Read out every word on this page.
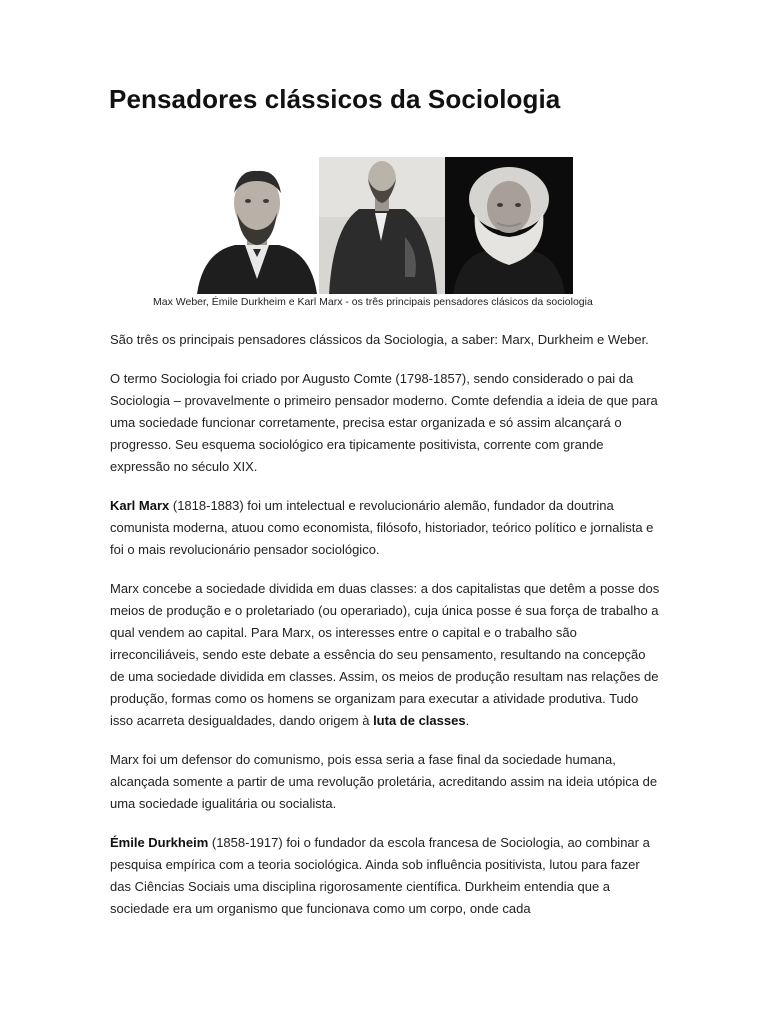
Pensadores clássicos da Sociologia

Max Weber, Émile Durkheim e Karl Marx - os três principais pensadores clásicos da sociologia

São três os principais pensadores clássicos da Sociologia, a saber: Marx, Durkheim e Weber.

O termo Sociologia foi criado por Augusto Comte (1798-1857), sendo considerado o pai da Sociologia – provavelmente o primeiro pensador moderno. Comte defendia a ideia de que para uma sociedade funcionar corretamente, precisa estar organizada e só assim alcançará o progresso. Seu esquema sociológico era tipicamente positivista, corrente com grande expressão no século XIX.

Karl Marx (1818-1883) foi um intelectual e revolucionário alemão, fundador da doutrina comunista moderna, atuou como economista, filósofo, historiador, teórico político e jornalista e foi o mais revolucionário pensador sociológico.

Marx concebe a sociedade dividida em duas classes: a dos capitalistas que detêm a posse dos meios de produção e o proletariado (ou operariado), cuja única posse é sua força de trabalho a qual vendem ao capital. Para Marx, os interesses entre o capital e o trabalho são irreconciliáveis, sendo este debate a essência do seu pensamento, resultando na concepção de uma sociedade dividida em classes. Assim, os meios de produção resultam nas relações de produção, formas como os homens se organizam para executar a atividade produtiva. Tudo isso acarreta desigualdades, dando origem à luta de classes.

Marx foi um defensor do comunismo, pois essa seria a fase final da sociedade humana, alcançada somente a partir de uma revolução proletária, acreditando assim na ideia utópica de uma sociedade igualitária ou socialista.

Émile Durkheim (1858-1917) foi o fundador da escola francesa de Sociologia, ao combinar a pesquisa empírica com a teoria sociológica. Ainda sob influência positivista, lutou para fazer das Ciências Sociais uma disciplina rigorosamente científica. Durkheim entendia que a sociedade era um organismo que funcionava como um corpo, onde cada
